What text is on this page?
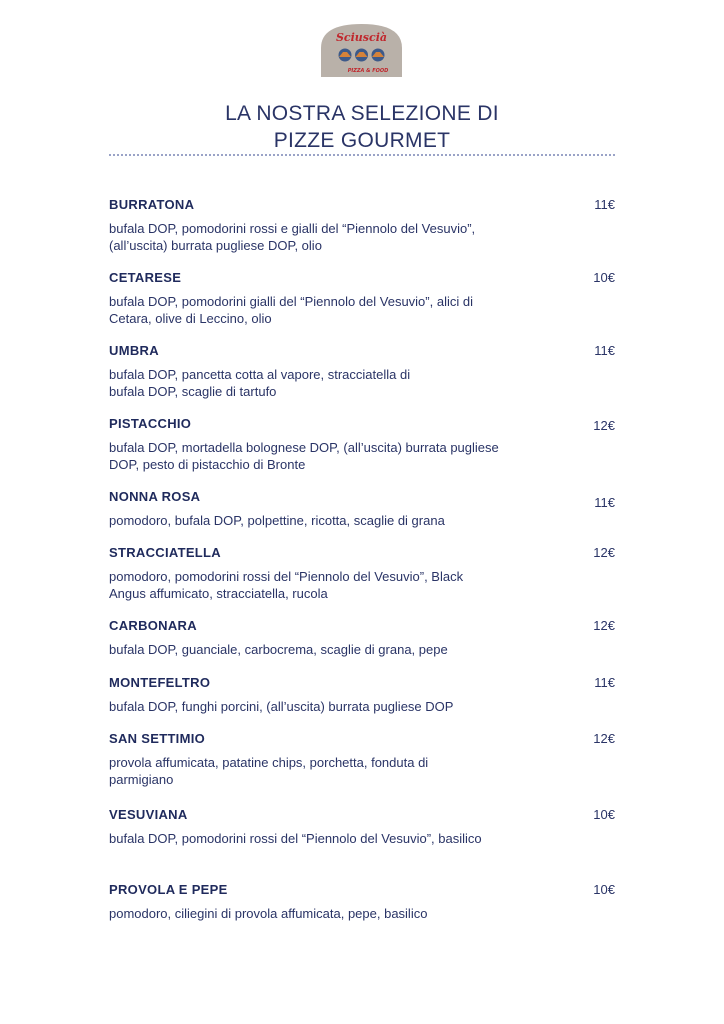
Sciuscià
PIZZA & FOOD
LA NOSTRA SELEZIONE DI
PIZZE GOURMET
BURRATONA	11€
bufala DOP, pomodorini rossi e gialli del “Piennolo del Vesuvio”, (all’uscita) burrata pugliese DOP, olio
CETARESE	10€
bufala DOP, pomodorini gialli del “Piennolo del Vesuvio”, alici di Cetara, olive di Leccino, olio
UMBRA	11€
bufala DOP, pancetta cotta al vapore, stracciatella di bufala DOP, scaglie di tartufo
PISTACCHIO	12€
bufala DOP, mortadella bolognese DOP, (all’uscita) burrata pugliese DOP, pesto di pistacchio di Bronte
NONNA ROSA	11€
pomodoro, bufala DOP, polpettine, ricotta, scaglie di grana
STRACCIATELLA	12€
pomodoro, pomodorini rossi del “Piennolo del Vesuvio”, Black Angus affumicato, stracciatella, rucola
CARBONARA	12€
bufala DOP, guanciale, carbocrema, scaglie di grana, pepe
MONTEFELTRO	11€
bufala DOP, funghi porcini, (all’uscita) burrata pugliese DOP
SAN SETTIMIO	12€
provola affumicata, patatine chips, porchetta, fonduta di parmigiano
VESUVIANA	10€
bufala DOP, pomodorini rossi del “Piennolo del Vesuvio”, basilico
PROVOLA E PEPE	10€
pomodoro, ciliegini di provola affumicata, pepe, basilico
